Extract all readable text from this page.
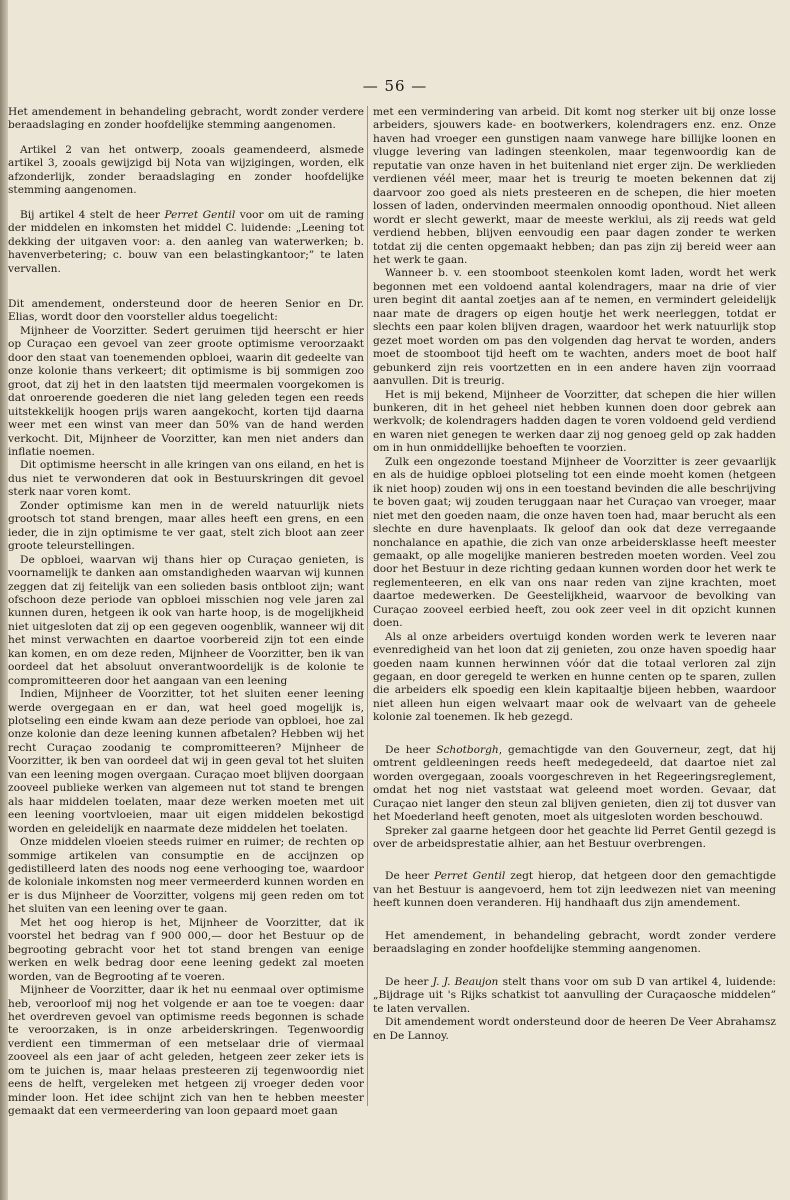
— 56 —

Het amendement in behandeling gebracht, wordt zonder verdere beraadslaging en zonder hoofdelijke stemming aangenomen.

Artikel 2 van het ontwerp, zooals geamendeerd, alsmede artikel 3, zooals gewijzigd bij Nota van wijzigingen, worden, elk afzonderlijk, zonder beraadslaging en zonder hoofdelijke stemming aangenomen.

Bij artikel 4 stelt de heer Perret Gentil voor om uit de raming der middelen en inkomsten het middel C. luidende: „Leening tot dekking der uitgaven voor: a. den aanleg van waterwerken; b. havenverbetering; c. bouw van een belastingkantoor;” te laten vervallen.

Dit amendement, ondersteund door de heeren Senior en Dr. Elias, wordt door den voorsteller aldus toegelicht:

Mijnheer de Voorzitter. Sedert geruimen tijd heerscht er hier op Curaçao een gevoel van zeer groote optimisme veroorzaakt door den staat van toenemenden opbloei, waarin dit gedeelte van onze kolonie thans verkeert; dit optimisme is bij sommigen zoo groot, dat zij het in den laatsten tijd meermalen voorgekomen is dat onroerende goederen die niet lang geleden tegen een reeds uitstekkelijk hoogen prijs waren aangekocht, korten tijd daarna weer met een winst van meer dan 50% van de hand werden verkocht. Dit, Mijnheer de Voorzitter, kan men niet anders dan inflatie noemen.

Dit optimisme heerscht in alle kringen van ons eiland, en het is dus niet te verwonderen dat ook in Bestuurskringen dit gevoel sterk naar voren komt.

Zonder optimisme kan men in de wereld natuurlijk niets grootsch tot stand brengen, maar alles heeft een grens, en een ieder, die in zijn optimisme te ver gaat, stelt zich bloot aan zeer groote teleurstellingen.

De opbloei, waarvan wij thans hier op Curaçao genieten, is voornamelijk te danken aan omstandigheden waarvan wij kunnen zeggen dat zij feitelijk van een solieden basis ontbloot zijn; want ofschoon deze periode van opbloei misschien nog vele jaren zal kunnen duren, hetgeen ik ook van harte hoop, is de mogelijkheid niet uitgesloten dat zij op een gegeven oogenblik, wanneer wij dit het minst verwachten en daartoe voorbereid zijn tot een einde kan komen, en om deze reden, Mijnheer de Voorzitter, ben ik van oordeel dat het absoluut onverantwoordelijk is de kolonie te compromitteeren door het aangaan van een leening

Indien, Mijnheer de Voorzitter, tot het sluiten eener leening werde overgegaan en er dan, wat heel goed mogelijk is, plotseling een einde kwam aan deze periode van opbloei, hoe zal onze kolonie dan deze leening kunnen afbetalen? Hebben wij het recht Curaçao zoodanig te compromitteeren? Mijnheer de Voorzitter, ik ben van oordeel dat wij in geen geval tot het sluiten van een leening mogen overgaan. Curaçao moet blijven doorgaan zooveel publieke werken van algemeen nut tot stand te brengen als haar middelen toelaten, maar deze werken moeten met uit een leening voortvloeien, maar uit eigen middelen bekostigd worden en geleidelijk en naarmate deze middelen het toelaten.

Onze middelen vloeien steeds ruimer en ruimer; de rechten op sommige artikelen van consumptie en de accijnzen op gedistilleerd laten des noods nog eene verhooging toe, waardoor de koloniale inkomsten nog meer vermeerderd kunnen worden en er is dus Mijnheer de Voorzitter, volgens mij geen reden om tot het sluiten van een leening over te gaan.

Met het oog hierop is het, Mijnheer de Voorzitter, dat ik voorstel het bedrag van f 900 000,— door het Bestuur op de begrooting gebracht voor het tot stand brengen van eenige werken en welk bedrag door eene leening gedekt zal moeten worden, van de Begrooting af te voeren.

Mijnheer de Voorzitter, daar ik het nu eenmaal over optimisme heb, veroorloof mij nog het volgende er aan toe te voegen: daar het overdreven gevoel van optimisme reeds begonnen is schade te veroorzaken, is in onze arbeiderskringen. Tegenwoordig verdient een timmerman of een metselaar drie of viermaal zooveel als een jaar of acht geleden, hetgeen zeer zeker iets is om te juichen is, maar helaas presteeren zij tegenwoordig niet eens de helft, vergeleken met hetgeen zij vroeger deden voor minder loon. Het idee schijnt zich van hen te hebben meester gemaakt dat een vermeerdering van loon gepaard moet gaan

met een vermindering van arbeid. Dit komt nog sterker uit bij onze losse arbeiders, sjouwers kade- en bootwerkers, kolendragers enz. enz. Onze haven had vroeger een gunstigen naam vanwege hare billijke loonen en vlugge levering van ladingen steenkolen, maar tegenwoordig kan de reputatie van onze haven in het buitenland niet erger zijn. De werklieden verdienen véél meer, maar het is treurig te moeten bekennen dat zij daarvoor zoo goed als niets presteeren en de schepen, die hier moeten lossen of laden, ondervinden meermalen onnoodig oponthoud. Niet alleen wordt er slecht gewerkt, maar de meeste werklui, als zij reeds wat geld verdiend hebben, blijven eenvoudig een paar dagen zonder te werken totdat zij die centen opgemaakt hebben; dan pas zijn zij bereid weer aan het werk te gaan.

Wanneer b. v. een stoomboot steenkolen komt laden, wordt het werk begonnen met een voldoend aantal kolendragers, maar na drie of vier uren begint dit aantal zoetjes aan af te nemen, en vermindert geleidelijk naar mate de dragers op eigen houtje het werk neerleggen, totdat er slechts een paar kolen blijven dragen, waardoor het werk natuurlijk stop gezet moet worden om pas den volgenden dag hervat te worden, anders moet de stoomboot tijd heeft om te wachten, anders moet de boot half gebunkerd zijn reis voortzetten en in een andere haven zijn voorraad aanvullen. Dit is treurig.

Het is mij bekend, Mijnheer de Voorzitter, dat schepen die hier willen bunkeren, dit in het geheel niet hebben kunnen doen door gebrek aan werkvolk; de kolendragers hadden dagen te voren voldoend geld verdiend en waren niet genegen te werken daar zij nog genoeg geld op zak hadden om in hun onmiddellijke behoeften te voorzien.

Zulk een ongezonde toestand Mijnheer de Voorzitter is zeer gevaarlijk en als de huidige opbloei plotseling tot een einde moeht komen (hetgeen ik niet hoop) zouden wij ons in een toestand bevinden die alle beschrijving te boven gaat; wij zouden teruggaan naar het Curaçao van vroeger, maar niet met den goeden naam, die onze haven toen had, maar berucht als een slechte en dure havenplaats. Ik geloof dan ook dat deze verregaande nonchalance en apathie, die zich van onze arbeidersklasse heeft meester gemaakt, op alle mogelijke manieren bestreden moeten worden. Veel zou door het Bestuur in deze richting gedaan kunnen worden door het werk te reglementeeren, en elk van ons naar reden van zijne krachten, moet daartoe medewerken. De Geestelijkheid, waarvoor de bevolking van Curaçao zooveel eerbied heeft, zou ook zeer veel in dit opzicht kunnen doen.

Als al onze arbeiders overtuigd konden worden werk te leveren naar evenredigheid van het loon dat zij genieten, zou onze haven spoedig haar goeden naam kunnen herwinnen vóór dat die totaal verloren zal zijn gegaan, en door geregeld te werken en hunne centen op te sparen, zullen die arbeiders elk spoedig een klein kapitaaltje bijeen hebben, waardoor niet alleen hun eigen welvaart maar ook de welvaart van de geheele kolonie zal toenemen. Ik heb gezegd.

De heer Schotborgh, gemachtigde van den Gouverneur, zegt, dat hij omtrent geldleeningen reeds heeft medegedeeld, dat daartoe niet zal worden overgegaan, zooals voorgeschreven in het Regeeringsreglement, omdat het nog niet vaststaat wat geleend moet worden. Gevaar, dat Curaçao niet langer den steun zal blijven genieten, dien zij tot dusver van het Moederland heeft genoten, moet als uitgesloten worden beschouwd.

Spreker zal gaarne hetgeen door het geachte lid Perret Gentil gezegd is over de arbeidsprestatie alhier, aan het Bestuur overbrengen.

De heer Perret Gentil zegt hierop, dat hetgeen door den gemachtigde van het Bestuur is aangevoerd, hem tot zijn leedwezen niet van meening heeft kunnen doen veranderen. Hij handhaaft dus zijn amendement.

Het amendement, in behandeling gebracht, wordt zonder verdere beraadslaging en zonder hoofdelijke stemming aangenomen.

De heer J. J. Beaujon stelt thans voor om sub D van artikel 4, luidende: „Bijdrage uit 's Rijks schatkist tot aanvulling der Curaçaosche middelen” te laten vervallen.

Dit amendement wordt ondersteund door de heeren De Veer Abrahamsz en De Lannoy.
